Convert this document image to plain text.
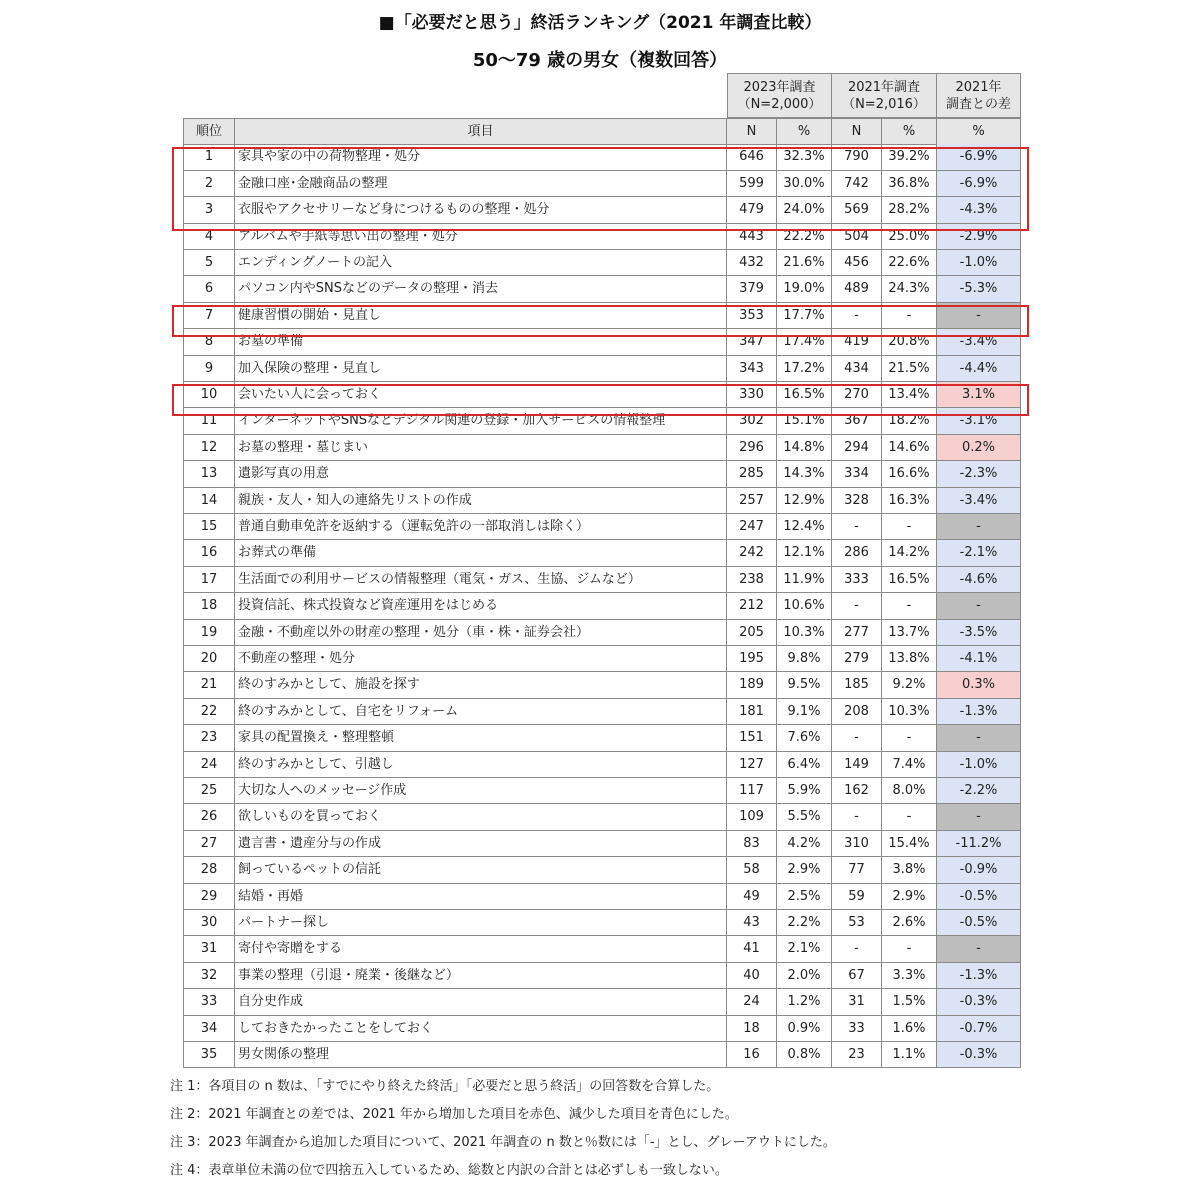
■「必要だと思う」終活ランキング（2021 年調査比較）
50～79 歳の男女（複数回答）
2023年調査
（N=2,000）
2021年調査
（N=2,016）
2021年
調査との差
順位	項目	N	%	N	%	%
1	家具や家の中の荷物整理・処分	646	32.3%	790	39.2%	-6.9%
2	金融口座･金融商品の整理	599	30.0%	742	36.8%	-6.9%
3	衣服やアクセサリーなど身につけるものの整理・処分	479	24.0%	569	28.2%	-4.3%
4	アルバムや手紙等思い出の整理・処分	443	22.2%	504	25.0%	-2.9%
5	エンディングノートの記入	432	21.6%	456	22.6%	-1.0%
6	パソコン内やSNSなどのデータの整理・消去	379	19.0%	489	24.3%	-5.3%
7	健康習慣の開始・見直し	353	17.7%	-	-	-
8	お墓の準備	347	17.4%	419	20.8%	-3.4%
9	加入保険の整理・見直し	343	17.2%	434	21.5%	-4.4%
10	会いたい人に会っておく	330	16.5%	270	13.4%	3.1%
11	インターネットやSNSなどデジタル関連の登録・加入サービスの情報整理	302	15.1%	367	18.2%	-3.1%
12	お墓の整理・墓じまい	296	14.8%	294	14.6%	0.2%
13	遺影写真の用意	285	14.3%	334	16.6%	-2.3%
14	親族・友人・知人の連絡先リストの作成	257	12.9%	328	16.3%	-3.4%
15	普通自動車免許を返納する（運転免許の一部取消しは除く）	247	12.4%	-	-	-
16	お葬式の準備	242	12.1%	286	14.2%	-2.1%
17	生活面での利用サービスの情報整理（電気・ガス、生協、ジムなど）	238	11.9%	333	16.5%	-4.6%
18	投資信託、株式投資など資産運用をはじめる	212	10.6%	-	-	-
19	金融・不動産以外の財産の整理・処分（車・株・証券会社）	205	10.3%	277	13.7%	-3.5%
20	不動産の整理・処分	195	9.8%	279	13.8%	-4.1%
21	終のすみかとして、施設を探す	189	9.5%	185	9.2%	0.3%
22	終のすみかとして、自宅をリフォーム	181	9.1%	208	10.3%	-1.3%
23	家具の配置換え・整理整頓	151	7.6%	-	-	-
24	終のすみかとして、引越し	127	6.4%	149	7.4%	-1.0%
25	大切な人へのメッセージ作成	117	5.9%	162	8.0%	-2.2%
26	欲しいものを買っておく	109	5.5%	-	-	-
27	遺言書・遺産分与の作成	83	4.2%	310	15.4%	-11.2%
28	飼っているペットの信託	58	2.9%	77	3.8%	-0.9%
29	結婚・再婚	49	2.5%	59	2.9%	-0.5%
30	パートナー探し	43	2.2%	53	2.6%	-0.5%
31	寄付や寄贈をする	41	2.1%	-	-	-
32	事業の整理（引退・廃業・後継など）	40	2.0%	67	3.3%	-1.3%
33	自分史作成	24	1.2%	31	1.5%	-0.3%
34	しておきたかったことをしておく	18	0.9%	33	1.6%	-0.7%
35	男女関係の整理	16	0.8%	23	1.1%	-0.3%
注 1：各項目の n 数は、「すでにやり終えた終活」「必要だと思う終活」の回答数を合算した。
注 2：2021 年調査との差では、2021 年から増加した項目を赤色、減少した項目を青色にした。
注 3：2023 年調査から追加した項目について、2021 年調査の n 数と％数には「-」とし、グレーアウトにした。
注 4：表章単位未満の位で四捨五入しているため、総数と内訳の合計とは必ずしも一致しない。
